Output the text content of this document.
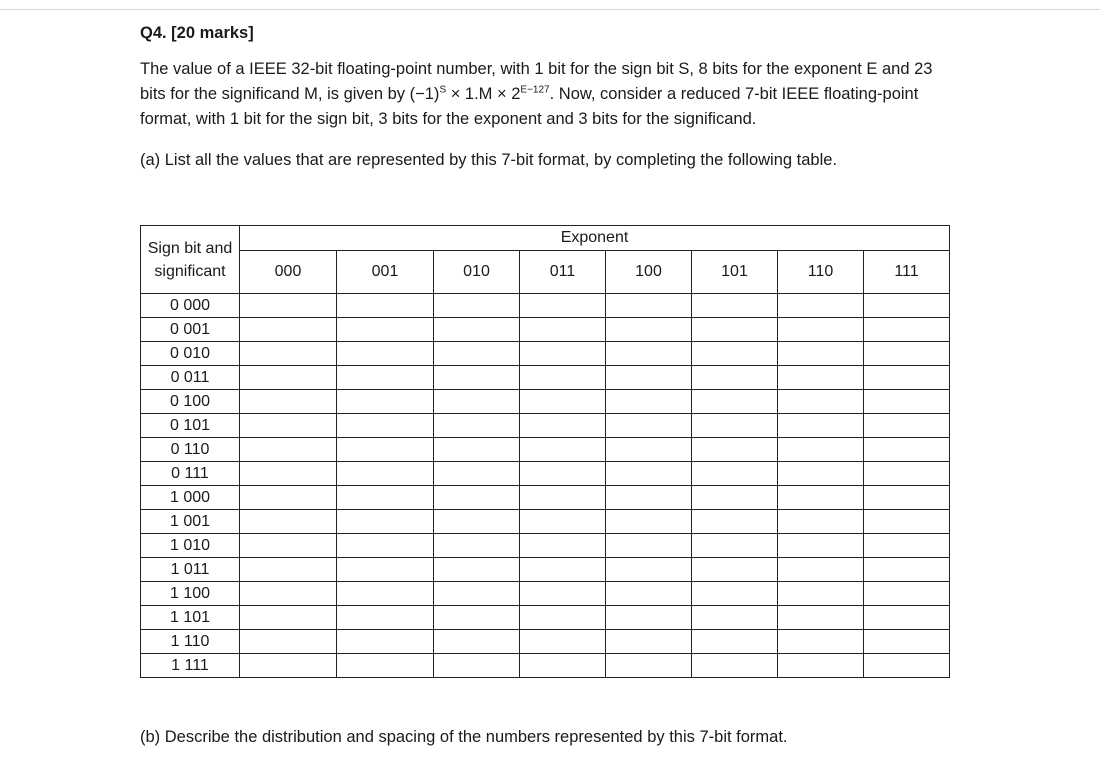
Q4. [20 marks]

The value of a IEEE 32-bit floating-point number, with 1 bit for the sign bit S, 8 bits for the exponent E and 23 bits for the significand M, is given by $(-1)^S \times 1.M \times 2^{E-127}$. Now, consider a reduced 7-bit IEEE floating-point format, with 1 bit for the sign bit, 3 bits for the exponent and 3 bits for the significand.

(a) List all the values that are represented by this 7-bit format, by completing the following table.

Sign bit and significant	Exponent							
	000	001	010	011	100	101	110	111
0 000								
0 001								
0 010								
0 011								
0 100								
0 101								
0 110								
0 111								
1 000								
1 001								
1 010								
1 011								
1 100								
1 101								
1 110								
1 111								

(b) Describe the distribution and spacing of the numbers represented by this 7-bit format.
